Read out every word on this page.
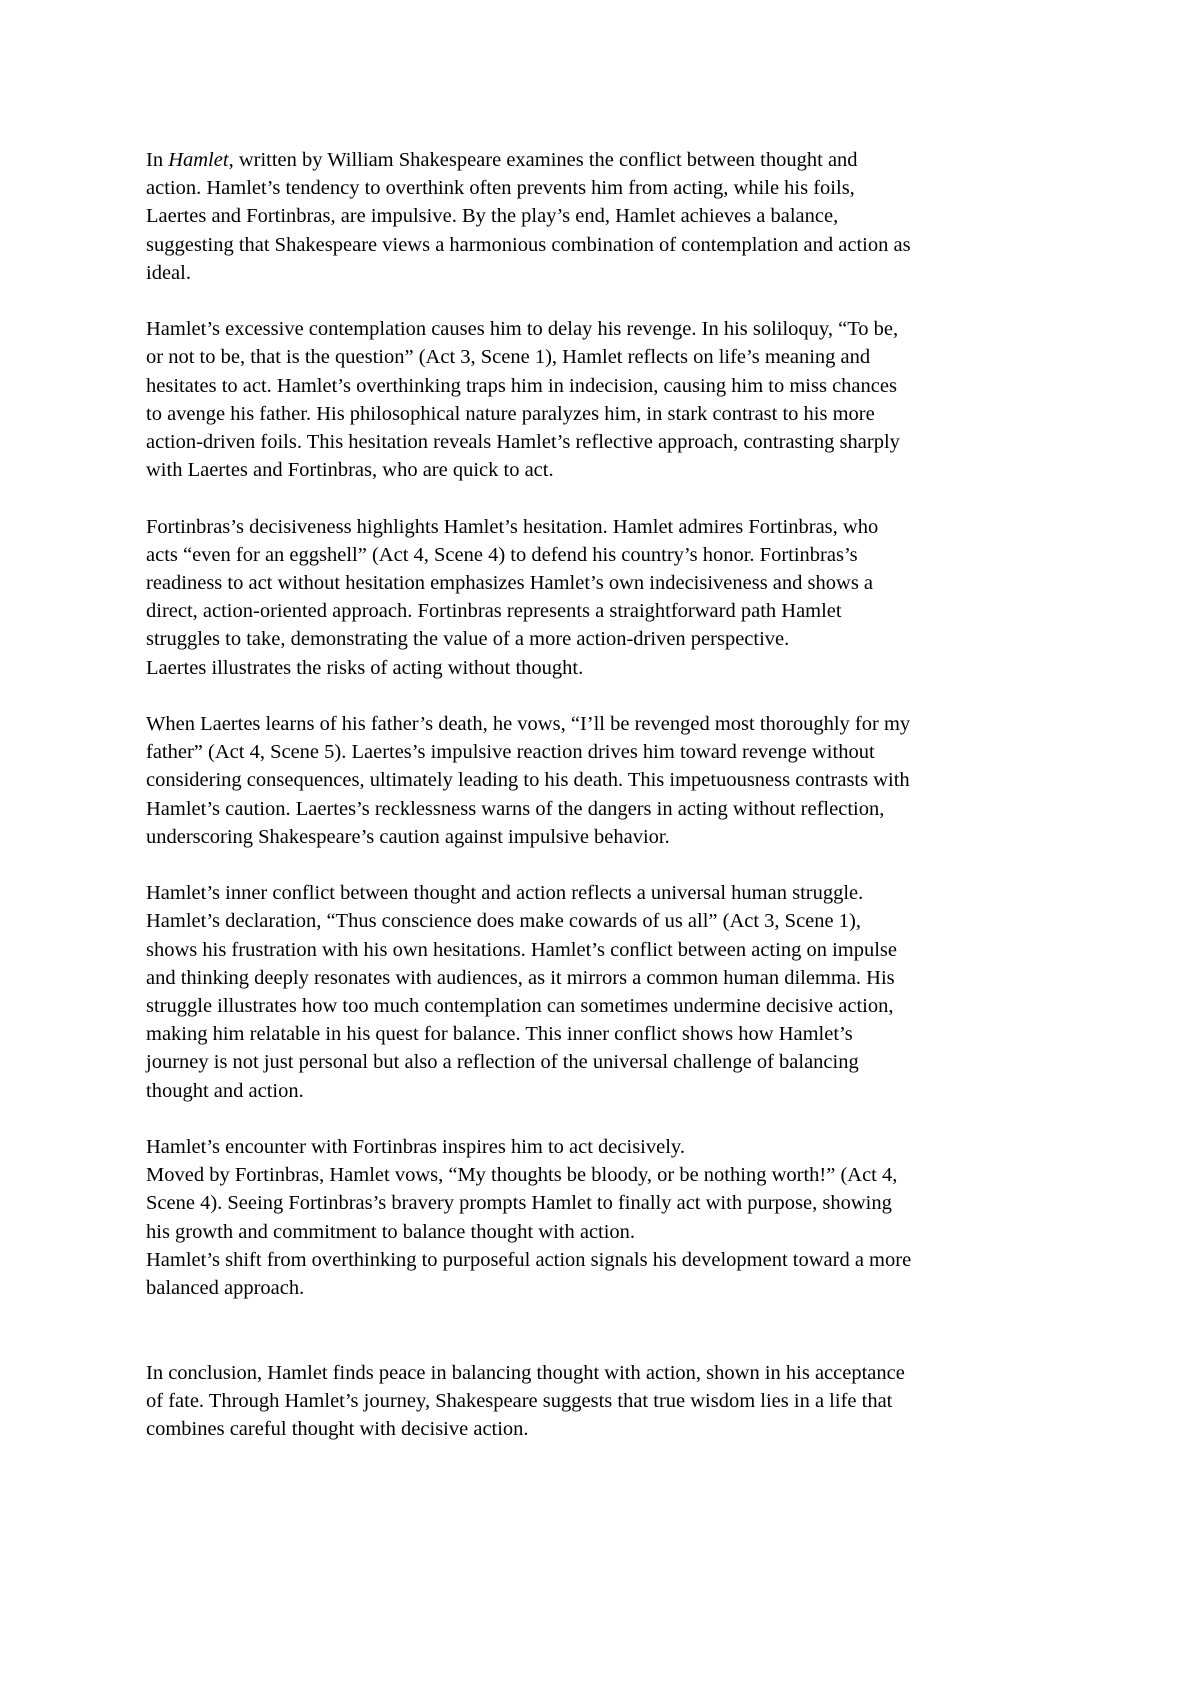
In Hamlet, written by William Shakespeare examines the conflict between thought and
action. Hamlet’s tendency to overthink often prevents him from acting, while his foils,
Laertes and Fortinbras, are impulsive. By the play’s end, Hamlet achieves a balance,
suggesting that Shakespeare views a harmonious combination of contemplation and action as
ideal.

Hamlet’s excessive contemplation causes him to delay his revenge. In his soliloquy, “To be,
or not to be, that is the question” (Act 3, Scene 1), Hamlet reflects on life’s meaning and
hesitates to act. Hamlet’s overthinking traps him in indecision, causing him to miss chances
to avenge his father. His philosophical nature paralyzes him, in stark contrast to his more
action-driven foils. This hesitation reveals Hamlet’s reflective approach, contrasting sharply
with Laertes and Fortinbras, who are quick to act.

Fortinbras’s decisiveness highlights Hamlet’s hesitation. Hamlet admires Fortinbras, who
acts “even for an eggshell” (Act 4, Scene 4) to defend his country’s honor. Fortinbras’s
readiness to act without hesitation emphasizes Hamlet’s own indecisiveness and shows a
direct, action-oriented approach. Fortinbras represents a straightforward path Hamlet
struggles to take, demonstrating the value of a more action-driven perspective.
Laertes illustrates the risks of acting without thought.

When Laertes learns of his father’s death, he vows, “I’ll be revenged most thoroughly for my
father” (Act 4, Scene 5). Laertes’s impulsive reaction drives him toward revenge without
considering consequences, ultimately leading to his death. This impetuousness contrasts with
Hamlet’s caution. Laertes’s recklessness warns of the dangers in acting without reflection,
underscoring Shakespeare’s caution against impulsive behavior.

Hamlet’s inner conflict between thought and action reflects a universal human struggle.
Hamlet’s declaration, “Thus conscience does make cowards of us all” (Act 3, Scene 1),
shows his frustration with his own hesitations. Hamlet’s conflict between acting on impulse
and thinking deeply resonates with audiences, as it mirrors a common human dilemma. His
struggle illustrates how too much contemplation can sometimes undermine decisive action,
making him relatable in his quest for balance. This inner conflict shows how Hamlet’s
journey is not just personal but also a reflection of the universal challenge of balancing
thought and action.

Hamlet’s encounter with Fortinbras inspires him to act decisively.
Moved by Fortinbras, Hamlet vows, “My thoughts be bloody, or be nothing worth!” (Act 4,
Scene 4). Seeing Fortinbras’s bravery prompts Hamlet to finally act with purpose, showing
his growth and commitment to balance thought with action.
Hamlet’s shift from overthinking to purposeful action signals his development toward a more
balanced approach.

In conclusion, Hamlet finds peace in balancing thought with action, shown in his acceptance
of fate. Through Hamlet’s journey, Shakespeare suggests that true wisdom lies in a life that
combines careful thought with decisive action.
